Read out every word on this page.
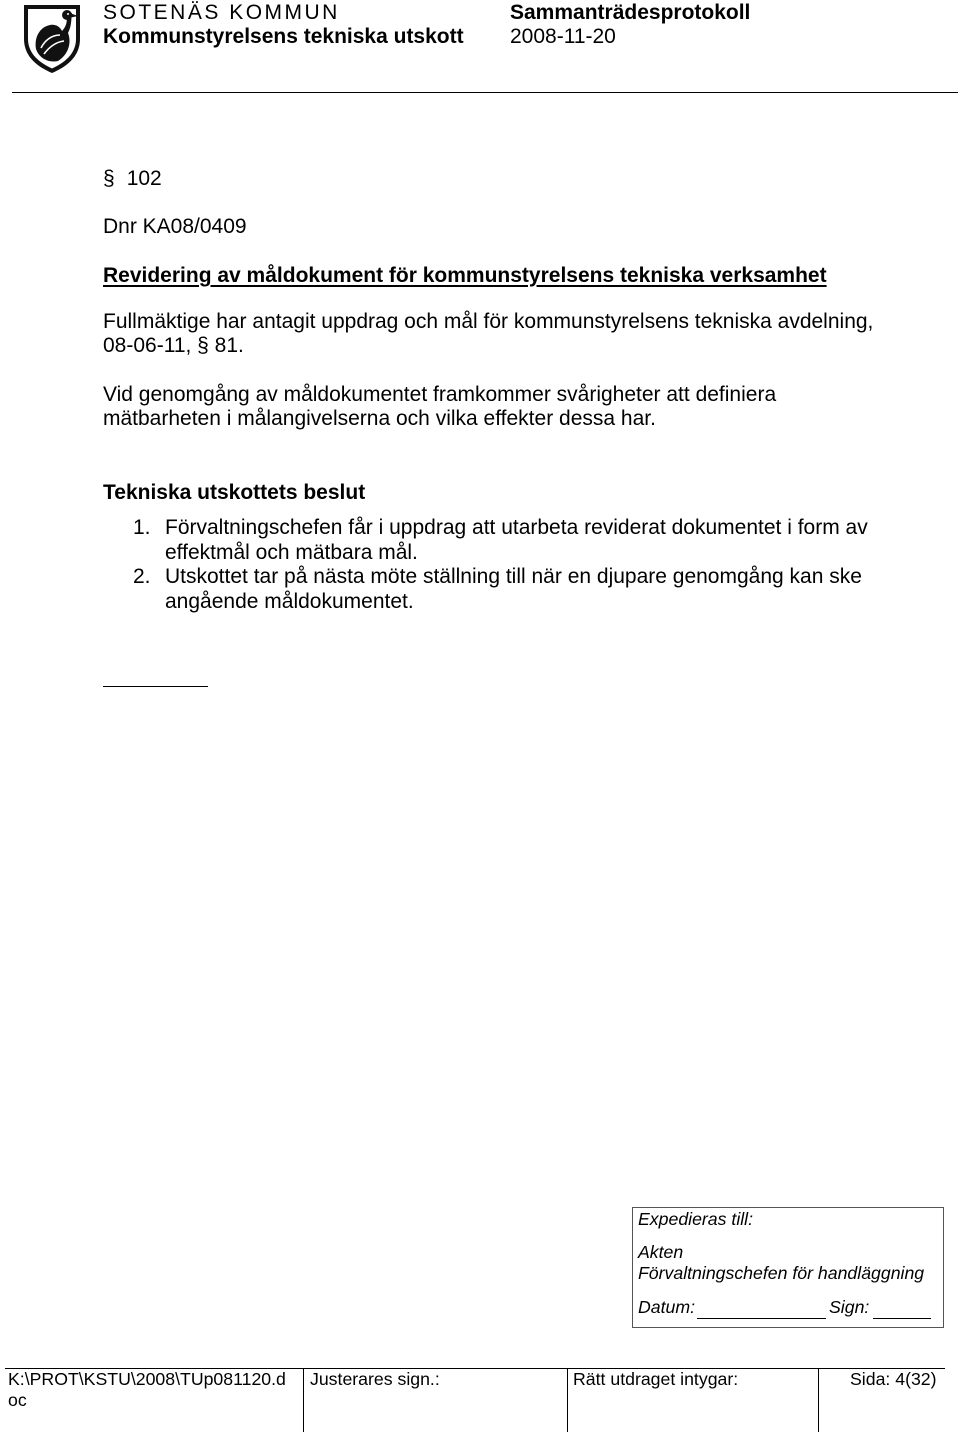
SOTENÄS KOMMUN
Kommunstyrelsens tekniska utskott
Sammanträdesprotokoll
2008-11-20
§ 102
Dnr KA08/0409
Revidering av måldokument för kommunstyrelsens tekniska verksamhet
Fullmäktige har antagit uppdrag och mål för kommunstyrelsens tekniska avdelning, 08-06-11, § 81.
Vid genomgång av måldokumentet framkommer svårigheter att definiera mätbarheten i målangivelserna och vilka effekter dessa har.
Tekniska utskottets beslut
1. Förvaltningschefen får i uppdrag att utarbeta reviderat dokumentet i form av effektmål och mätbara mål.
2. Utskottet tar på nästa möte ställning till när en djupare genomgång kan ske angående måldokumentet.
Expedieras till:
Akten
Förvaltningschefen för handläggning
Datum:	Sign:
K:\PROT\KSTU\2008\TUp081120.doc
Justerares sign.:	Rätt utdraget intygar:	Sida: 4(32)
